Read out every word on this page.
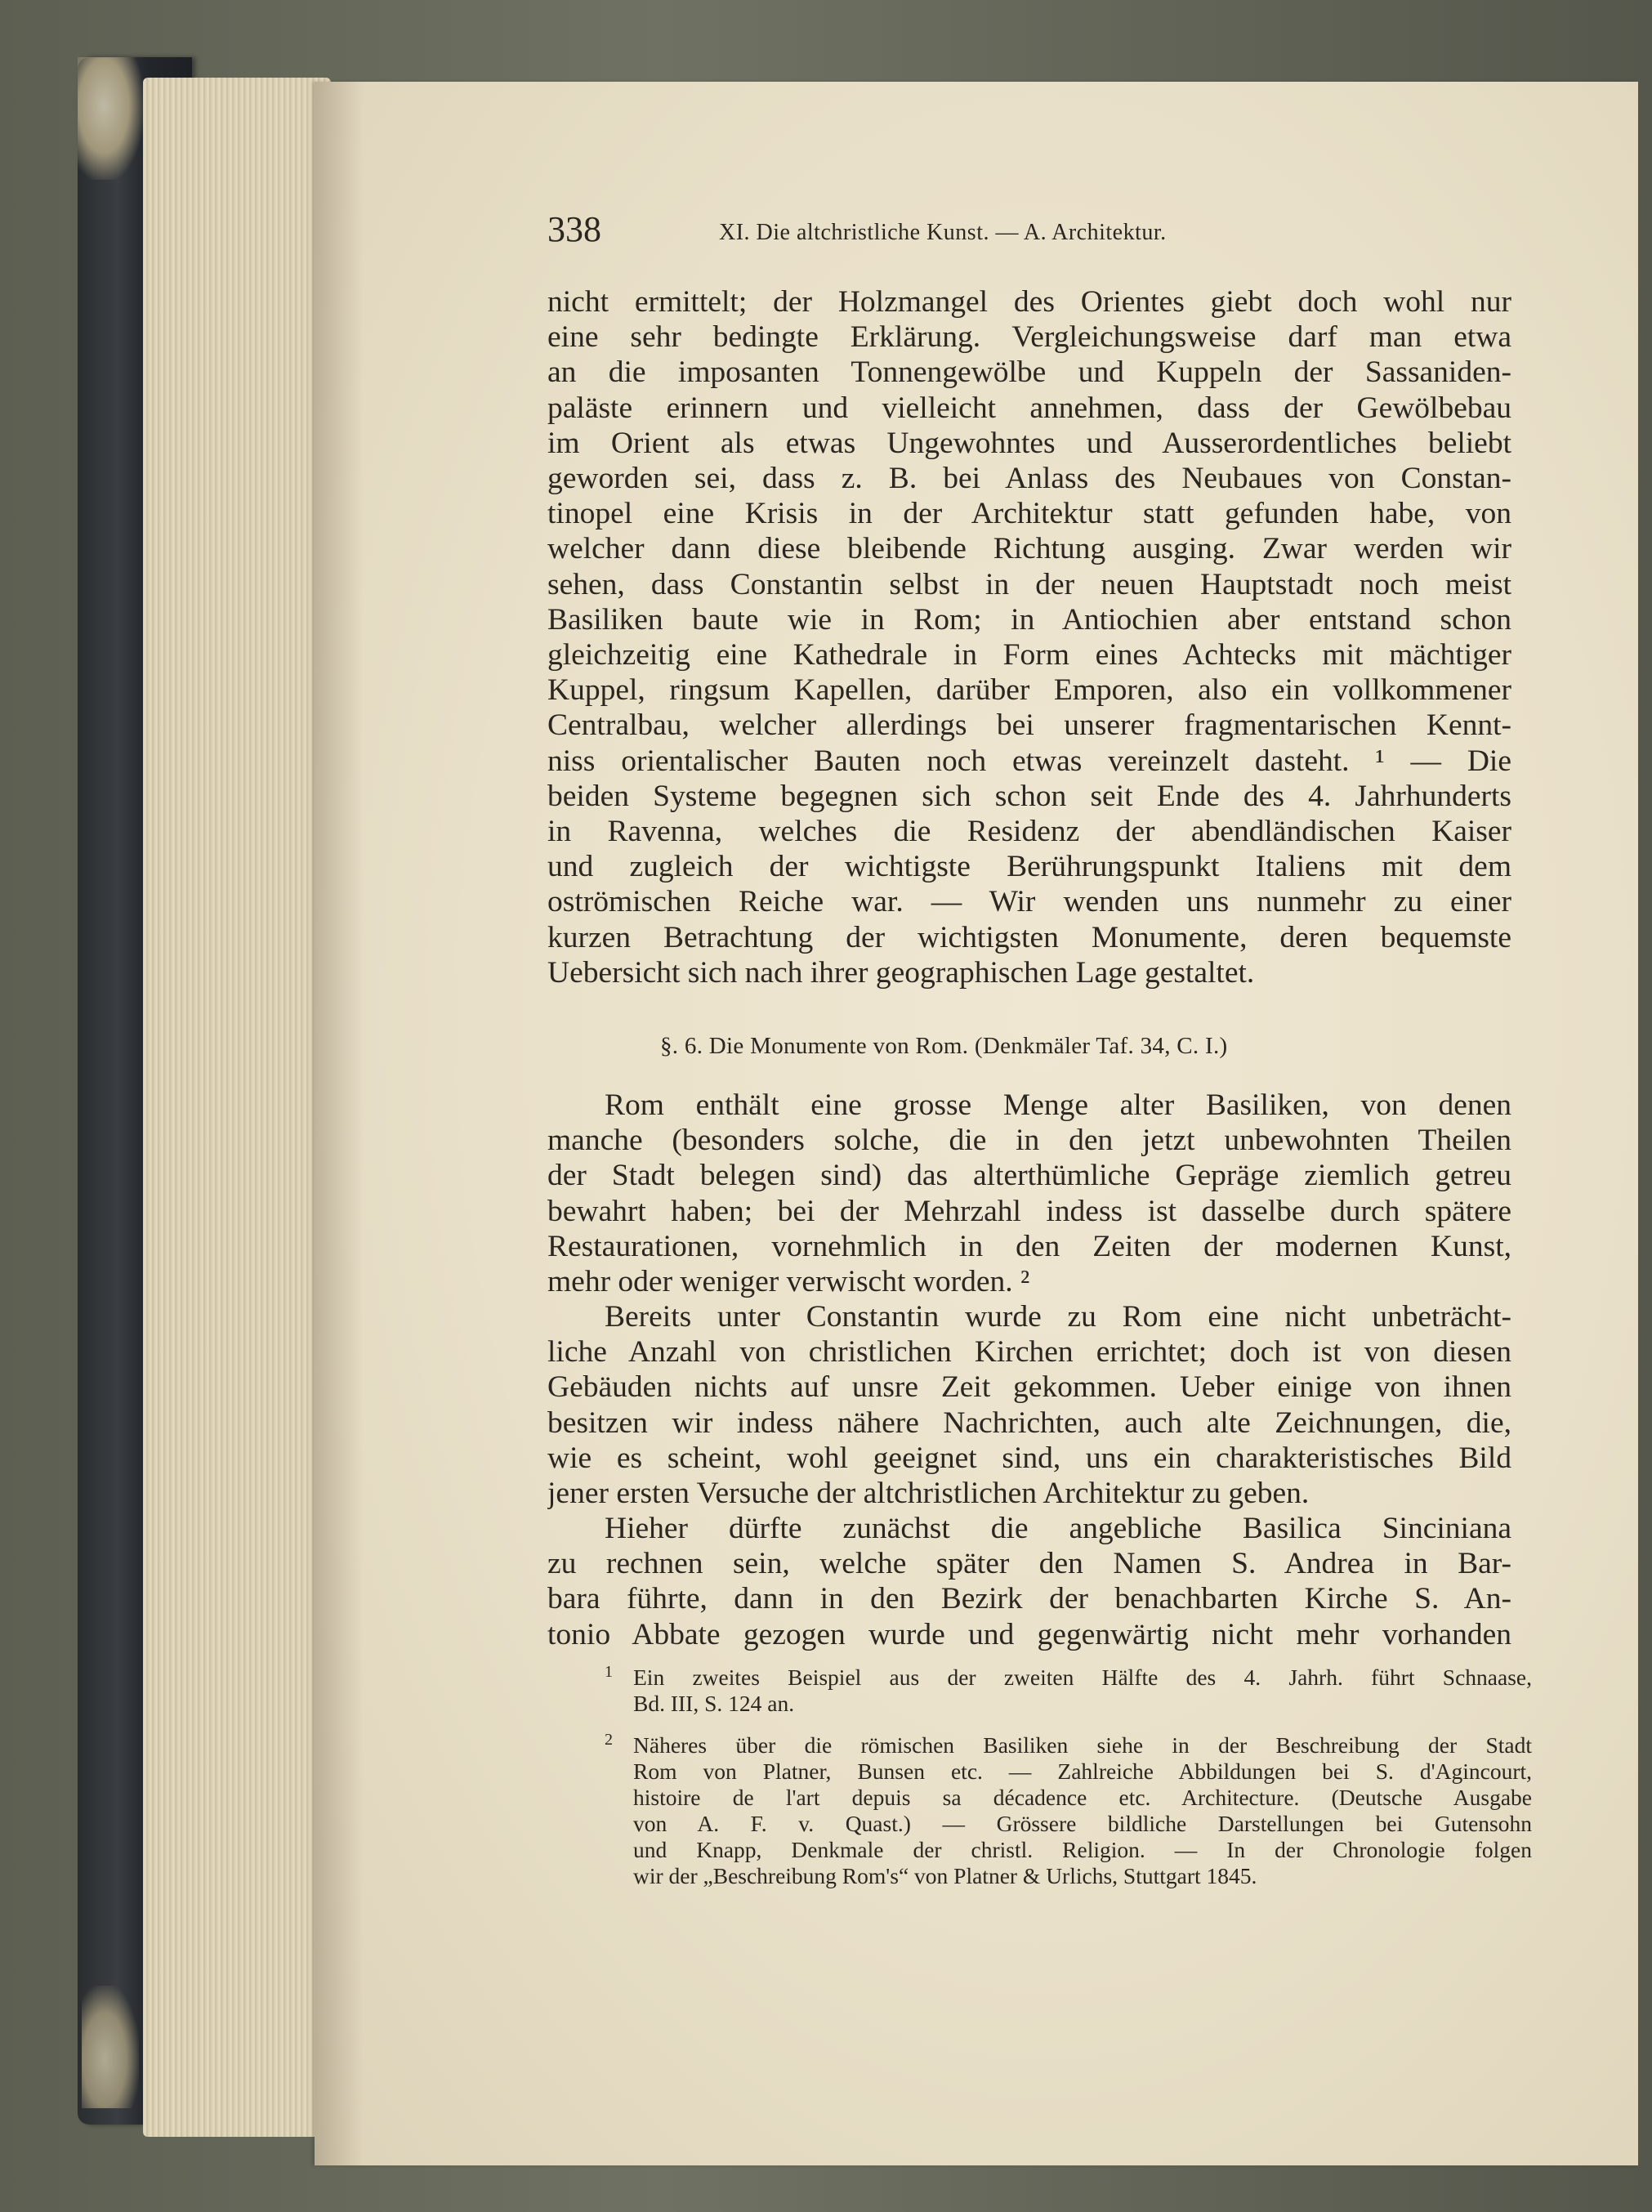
338	XI. Die altchristliche Kunst. — A. Architektur.
nicht ermittelt; der Holzmangel des Orientes giebt doch wohl nur
eine sehr bedingte Erklärung. Vergleichungsweise darf man etwa
an die imposanten Tonnengewölbe und Kuppeln der Sassaniden-
paläste erinnern und vielleicht annehmen, dass der Gewölbebau
im Orient als etwas Ungewohntes und Ausserordentliches beliebt
geworden sei, dass z. B. bei Anlass des Neubaues von Constan-
tinopel eine Krisis in der Architektur statt gefunden habe, von
welcher dann diese bleibende Richtung ausging. Zwar werden wir
sehen, dass Constantin selbst in der neuen Hauptstadt noch meist
Basiliken baute wie in Rom; in Antiochien aber entstand schon
gleichzeitig eine Kathedrale in Form eines Achtecks mit mächtiger
Kuppel, ringsum Kapellen, darüber Emporen, also ein vollkommener
Centralbau, welcher allerdings bei unserer fragmentarischen Kennt-
niss orientalischer Bauten noch etwas vereinzelt dasteht. ¹ — Die
beiden Systeme begegnen sich schon seit Ende des 4. Jahrhunderts
in Ravenna, welches die Residenz der abendländischen Kaiser
und zugleich der wichtigste Berührungspunkt Italiens mit dem
oströmischen Reiche war. — Wir wenden uns nunmehr zu einer
kurzen Betrachtung der wichtigsten Monumente, deren bequemste
Uebersicht sich nach ihrer geographischen Lage gestaltet.
§. 6. Die Monumente von Rom. (Denkmäler Taf. 34, C. I.)
Rom enthält eine grosse Menge alter Basiliken, von denen
manche (besonders solche, die in den jetzt unbewohnten Theilen
der Stadt belegen sind) das alterthümliche Gepräge ziemlich getreu
bewahrt haben; bei der Mehrzahl indess ist dasselbe durch spätere
Restaurationen, vornehmlich in den Zeiten der modernen Kunst,
mehr oder weniger verwischt worden. ²
Bereits unter Constantin wurde zu Rom eine nicht unbeträcht-
liche Anzahl von christlichen Kirchen errichtet; doch ist von diesen
Gebäuden nichts auf unsre Zeit gekommen. Ueber einige von ihnen
besitzen wir indess nähere Nachrichten, auch alte Zeichnungen, die,
wie es scheint, wohl geeignet sind, uns ein charakteristisches Bild
jener ersten Versuche der altchristlichen Architektur zu geben.
Hieher dürfte zunächst die angebliche Basilica Sinciniana
zu rechnen sein, welche später den Namen S. Andrea in Bar-
bara führte, dann in den Bezirk der benachbarten Kirche S. An-
tonio Abbate gezogen wurde und gegenwärtig nicht mehr vorhanden
1 Ein zweites Beispiel aus der zweiten Hälfte des 4. Jahrh. führt Schnaase,
Bd. III, S. 124 an.
2 Näheres über die römischen Basiliken siehe in der Beschreibung der Stadt
Rom von Platner, Bunsen etc. — Zahlreiche Abbildungen bei S. d'Agincourt,
histoire de l'art depuis sa décadence etc. Architecture. (Deutsche Ausgabe
von A. F. v. Quast.) — Grössere bildliche Darstellungen bei Gutensohn
und Knapp, Denkmale der christl. Religion. — In der Chronologie folgen
wir der „Beschreibung Rom's“ von Platner & Urlichs, Stuttgart 1845.
